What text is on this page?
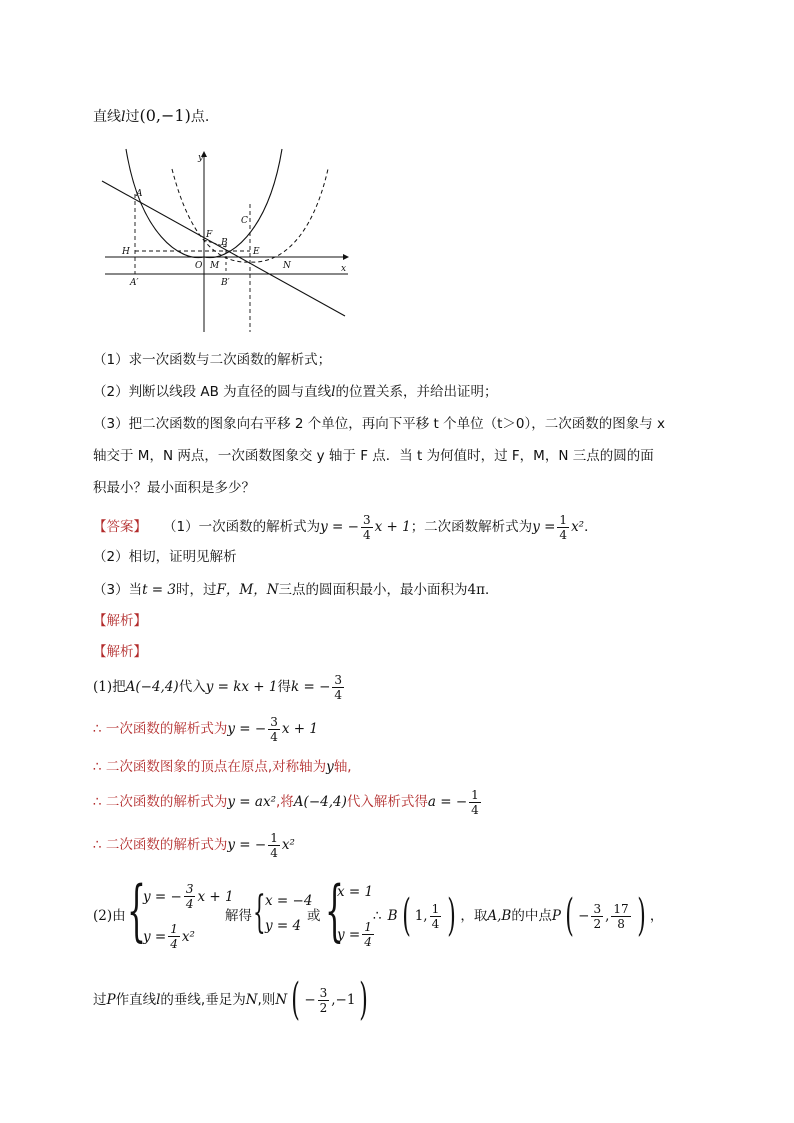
直线l过(0,−1)点.
A
H
A′
F
B
C
O M
E
N
B′
x
y
（1）求一次函数与二次函数的解析式；
（2）判断以线段 AB 为直径的圆与直线l的位置关系，并给出证明；
（3）把二次函数的图象向右平移 2 个单位，再向下平移 t 个单位（t＞0），二次函数的图象与 x
轴交于 M，N 两点，一次函数图象交 y 轴于 F 点．当 t 为何值时，过 F，M，N 三点的圆的面
积最小？最小面积是多少？
【答案】 （1）一次函数的解析式为 y = − $\frac{3}{4}$ x + 1 ；二次函数解析式为 $y = \frac{1}{4} x^2$ ．
（2）相切，证明见解析
（3）当t = 3时，过F，M，N三点的圆面积最小，最小面积为4π．
【解析】
【解析】
(1)把 A(−4,4) 代入 y = kx + 1 得 k = − $\frac{3}{4}$
∴ 一次函数的解析式为 y = − $\frac{3}{4}$ x + 1
∴ 二次函数图象的顶点在原点,对称轴为y轴,
∴ 二次函数的解析式为 y = ax² ,将 A(−4,4) 代入解析式得 a = − $\frac{1}{4}$
∴ 二次函数的解析式为 y = − $\frac{1}{4} x^2$
(2)由 {
y = − $\frac{3}{4}$ x + 1
$y = \frac{1}{4} x^2$
解得 { x = −4
y = 4
或 {
x = 1
$y = \frac{1}{4}$
∴ B ( 1, $\frac{1}{4}$ ) ，取 A,B 的中点 P ( − $\frac{3}{2}$ , $\frac{17}{8}$ ) ，
过 P 作直线 l 的垂线,垂足为 N ,则 N ( − $\frac{3}{2} ,-1$ )
